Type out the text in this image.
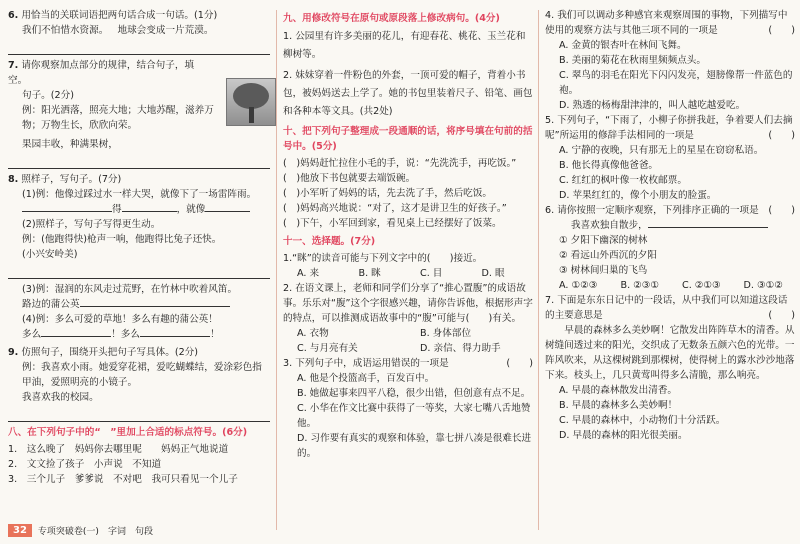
6. 用恰当的关联词语把两句话合成一句话。(1分)
我们不怕惜水资源。 地球会变成一片荒漠。
7. 请你观察加点部分的规律，结合句子，填空。
句子。(2分)
例：阳光洒落，照亮大地；大地苏醒，滋养万物；万物生长，欣欣向荣。
果园丰收，种满果树，
8. 照样子，写句子。(7分)
(1)例：他像过踩过水一样大哭，就像下了一场雷阵雨。
得	，就像
(2)照样子，写句子写得更生动。
例：(他跑得快)枪声一响，他跑得比兔子还快。
(小兴安岭美)
(3)例：湿润的东风走过荒野，在竹林中吹着风笛。
路边的蒲公英
(4)例：多么可爱的草地！多么有趣的蒲公英！
多么	！多么	！
9. 仿照句子，围绕开头把句子写具体。(2分)
例：我喜欢小雨。她爱穿花裙，爱吃蝴蝶结，爱涂彩色指甲油，爱照明亮的小镜子。
我喜欢我的校园。
八、在下列句子中的“　”里加上合适的标点符号。(6分)
1.　这么晚了　妈妈你去哪里呢　　妈妈正气地说道
2.　文文捡了孩子　小声说　不知道
3.　三个儿子　爹爹说　不对吧　我可只看见一个儿子
九、用修改符号在原句或原段落上修改病句。(4分)
1. 公园里有许多美丽的花儿，有迎春花、桃花、玉兰花和柳树等。
2. 妹妹穿着一件粉色的外套，一顶可爱的帽子，背着小书包，被妈妈送去上学了。她的书包里装着尺子、铅笔、画包和各种本等文具。(共2处)
十、把下列句子整理成一段通顺的话，将序号填在句前的括号中。(5分)
(　)妈妈赶忙拉住小毛的手，说：“先洗洗手，再吃饭。”
(　)他放下书包就要去端饭碗。
(　)小军听了妈妈的话，先去洗了手，然后吃饭。
(　)妈妈高兴地说：“对了，这才是讲卫生的好孩子。”
(　)下午，小军回到家，看见桌上已经摆好了饭菜。
十一、选择题。(7分)
1.“眯”的读音可能与下列文字中的(　　)接近。
A. 来	B. 眯	C. 目	D. 眼
2. 在语文课上，老师和同学们分享了“推心置腹”的成语故事。乐乐对“腹”这个字很感兴趣，请你告诉他，根据形声字的特点，可以推测成语故事中的“腹”可能与(　　)有关。
A. 衣物	B. 身体部位
C. 与月亮有关	D. 亲信、得力助手
3. 下列句子中，成语运用错误的一项是	(　　)
A. 他是个投篮高手，百发百中。
B. 她做起事来四平八稳，很少出错，但创意有点不足。
C. 小华在作文比赛中获得了一等奖，大家七嘴八舌地赞他。
D. 习作要有真实的观察和体验，靠七拼八凑是很难长进的。
4. 我们可以调动多种感官来观察周围的事物，下列描写中使用的观察方法与其他三项不同的一项是	(　　)
A. 金黄的银杏叶在林间飞舞。
B. 美丽的菊花在秋雨里频频点头。
C. 翠鸟的羽毛在阳光下闪闪发亮，翅膀像帮一件蓝色的袍。
D. 熟透的杨梅甜津津的，叫人越吃越爱吃。
5. 下列句子，“下雨了，小柳子你拼我赶，争着要人们去摘呢”所运用的修辞手法相同的一项是	(　　)
A. 宁静的夜晚，只有那无上的星星在窃窃私语。
B. 他长得真像他爸爸。
C. 红红的枫叶像一枚枚邮票。
D. 苹果红红的，像个小朋友的脸蛋。
6. 请你按照一定顺序观察，下列排序正确的一项是 (　　)
我喜欢独自散步，
① 夕阳下幽深的树林
② 看远山外西沉的夕阳
③ 树林间归巢的飞鸟
A. ①②③	B. ②③①	C. ②①③	D. ③①②
7. 下面是东东日记中的一段话，从中我们可以知道这段话的主要意思是	(　　)
早晨的森林多么美妙啊！它散发出阵阵草木的清香。从树缝间透过来的阳光，交织成了无数条五颜六色的光带。一阵风吹来，从这棵树跳到那棵树，使得树上的露水沙沙地落下来。枝头上，几只黄莺叫得多么清脆，那么响亮。
A. 早晨的森林散发出清香。
B. 早晨的森林多么美妙啊！
C. 早晨的森林中，小动物们十分活跃。
D. 早晨的森林的阳光很美丽。
32	专项突破卷(一)　字词　句段
